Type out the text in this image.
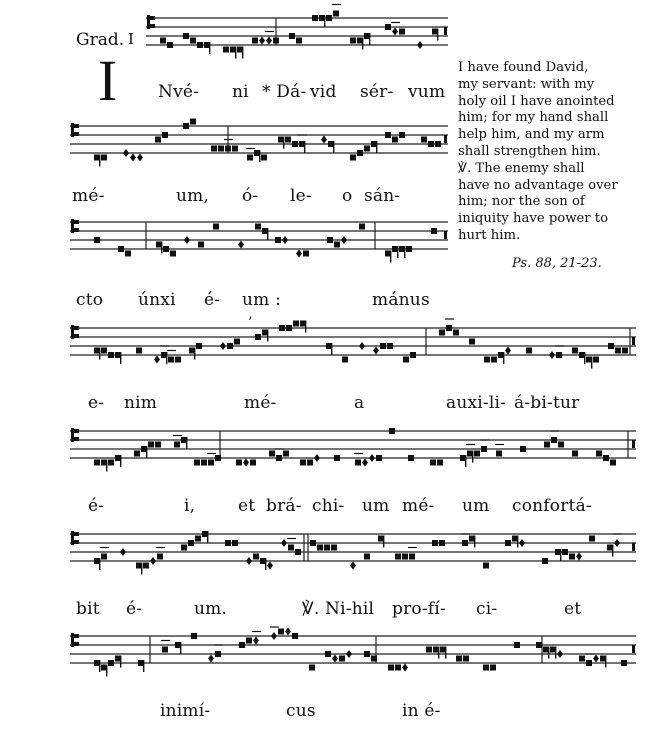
Grad. I
I	I have found David,

my servant: with my

holy oil I have anointed

him; for my hand shall

help him, and my arm

shall strengthen him.

℣. The enemy shall

have no advantage over

him; nor the son of

iniquity have power to

hurt him.

Ps. 88, 21-23.
’
Nvé- ni * Dá- vid sér- vum
mé-	um, ó- le- o sán-
cto únxi é- um :	mánus
e- nim	mé-	a	auxi-li- á-bi-tur
é-	i,	et brá- chi- um mé- um confortá-
bit é-	um.	℣. Ni-hil pro-fí- ci-	et
inimí-	cus	in é-
